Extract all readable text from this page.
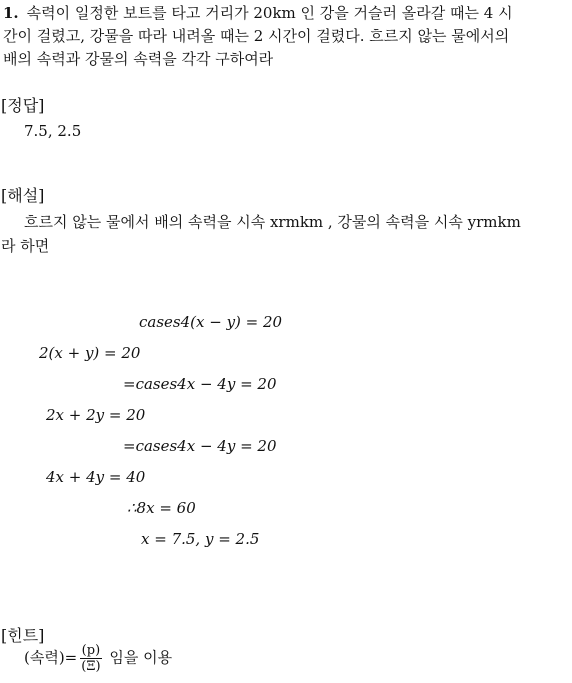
1. 속력이 일정한 보트를 타고 거리가 20km 인 강을 거슬러 올라갈 때는 4 시
간이 걸렸고, 강물을 따라 내려올 때는 2 시간이 걸렸다. 흐르지 않는 물에서의
배의 속력과 강물의 속력을 각각 구하여라
[정답]
7.5, 2.5
[해설]
흐르지 않는 물에서 배의 속력을 시속 xrmkm , 강물의 속력을 시속 yrmkm
라 하면
cases4(x − y) = 20
2(x + y) = 20
=cases4x − 4y = 20
2x + 2y = 20
=cases4x − 4y = 20
4x + 4y = 40
∴8x = 60
x = 7.5, y = 2.5
[힌트]
(속력)= $\frac{(p)}{(\Xi)}$ 임을 이용
